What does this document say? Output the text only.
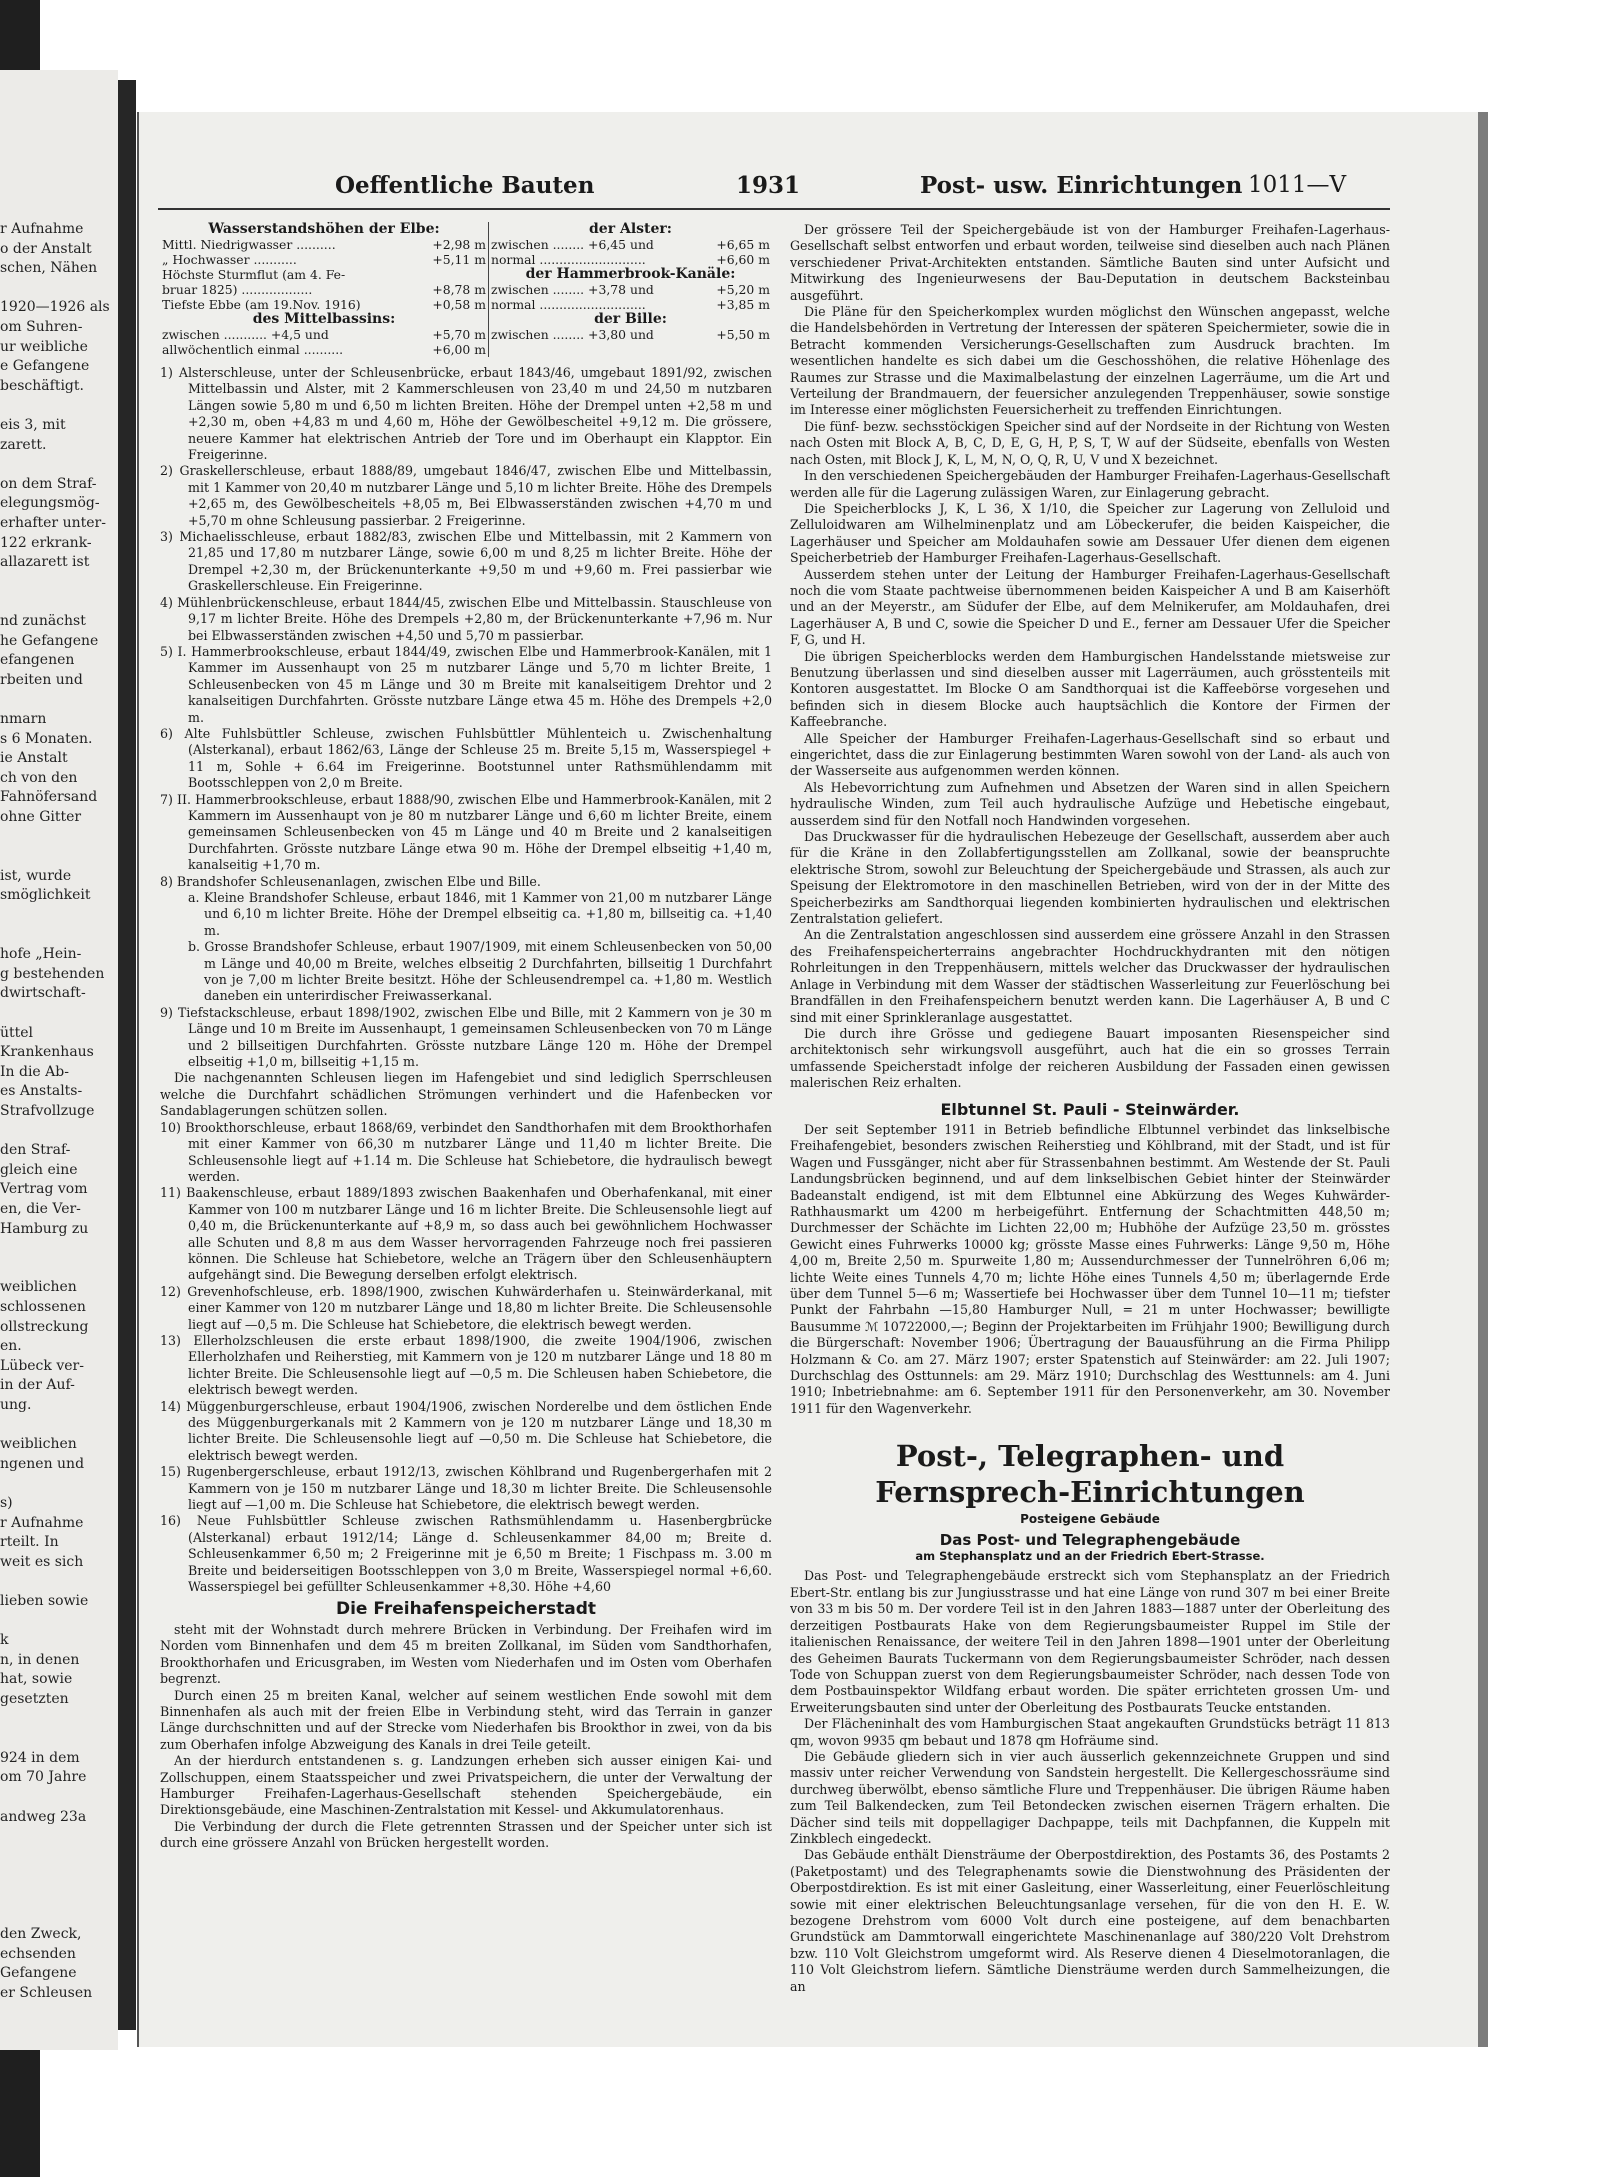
r Aufnahme
o der Anstalt
schen, Nähen
1920—1926 als
om Suhren-
ur weibliche
e Gefangene
beschäftigt.
eis 3, mit
zarett.
on dem Straf-
elegungsmög-
erhafter unter-
122 erkrank-
allazarett ist
nd zunächst
he Gefangene
efangenen
rbeiten und
nmarn
s 6 Monaten.
ie Anstalt
ch von den
Fahnöfersand
ohne Gitter
ist, wurde
smöglichkeit
hofe „Hein-
g bestehenden
dwirtschaft-
üttel
Krankenhaus
In die Ab-
es Anstalts-
Strafvollzuge
den Straf-
gleich eine
Vertrag vom
en, die Ver-
Hamburg zu
weiblichen
schlossenen
ollstreckung
en.
Lübeck ver-
in der Auf-
ung.
weiblichen
ngenen und
s)
r Aufnahme
rteilt. In
weit es sich
lieben sowie
k
n, in denen
hat, sowie
gesetzten
924 in dem
om 70 Jahre
andweg 23a
den Zweck,
echsenden
Gefangene
er Schleusen
Oeffentliche Bauten	1931	Post- usw. Einrichtungen 1011—V
Wasserstandshöhen der Elbe:		der Alster:	
Mittl. Niedrigwasser ..........	+2,98 m	zwischen ........ +6,45 und	+6,65 m
„ Hochwasser ...........	+5,11 m	normal ...........................	+6,60 m
Höchste Sturmflut (am 4. Fe-		der Hammerbrook-Kanäle:	
bruar 1825) ..................	+8,78 m	zwischen ........ +3,78 und	+5,20 m
Tiefste Ebbe (am 19.Nov. 1916)	+0,58 m	normal ...........................	+3,85 m
des Mittelbassins:		der Bille:	
zwischen ........... +4,5 und	+5,70 m	zwischen ........ +3,80 und	+5,50 m
allwöchentlich einmal ..........	+6,00 m		

1) Alsterschleuse, unter der Schleusenbrücke, erbaut 1843/46, umgebaut 1891/92, zwischen Mittelbassin und Alster, mit 2 Kammerschleusen von 23,40 m und 24,50 m nutzbaren Längen sowie 5,80 m und 6,50 m lichten Breiten. Höhe der Drempel unten +2,58 m und +2,30 m, oben +4,83 m und 4,60 m, Höhe der Gewölbescheitel +9,12 m. Die grössere, neuere Kammer hat elektrischen Antrieb der Tore und im Oberhaupt ein Klapptor. Ein Freigerinne.

2) Graskellerschleuse, erbaut 1888/89, umgebaut 1846/47, zwischen Elbe und Mittelbassin, mit 1 Kammer von 20,40 m nutzbarer Länge und 5,10 m lichter Breite. Höhe des Drempels +2,65 m, des Gewölbescheitels +8,05 m, Bei Elbwasserständen zwischen +4,70 m und +5,70 m ohne Schleusung passierbar. 2 Freigerinne.

3) Michaelisschleuse, erbaut 1882/83, zwischen Elbe und Mittelbassin, mit 2 Kammern von 21,85 und 17,80 m nutzbarer Länge, sowie 6,00 m und 8,25 m lichter Breite. Höhe der Drempel +2,30 m, der Brückenunterkante +9,50 m und +9,60 m. Frei passierbar wie Graskellerschleuse. Ein Freigerinne.

4) Mühlenbrückenschleuse, erbaut 1844/45, zwischen Elbe und Mittelbassin. Stauschleuse von 9,17 m lichter Breite. Höhe des Drempels +2,80 m, der Brückenunterkante +7,96 m. Nur bei Elbwasserständen zwischen +4,50 und 5,70 m passierbar.

5) I. Hammerbrookschleuse, erbaut 1844/49, zwischen Elbe und Hammerbrook-Kanälen, mit 1 Kammer im Aussenhaupt von 25 m nutzbarer Länge und 5,70 m lichter Breite, 1 Schleusenbecken von 45 m Länge und 30 m Breite mit kanalseitigem Drehtor und 2 kanalseitigen Durchfahrten. Grösste nutzbare Länge etwa 45 m. Höhe des Drempels +2,0 m.

6) Alte Fuhlsbüttler Schleuse, zwischen Fuhlsbüttler Mühlenteich u. Zwischenhaltung (Alsterkanal), erbaut 1862/63, Länge der Schleuse 25 m. Breite 5,15 m, Wasserspiegel + 11 m, Sohle + 6.64 im Freigerinne. Bootstunnel unter Rathsmühlendamm mit Bootsschleppen von 2,0 m Breite.

7) II. Hammerbrookschleuse, erbaut 1888/90, zwischen Elbe und Hammerbrook-Kanälen, mit 2 Kammern im Aussenhaupt von je 80 m nutzbarer Länge und 6,60 m lichter Breite, einem gemeinsamen Schleusenbecken von 45 m Länge und 40 m Breite und 2 kanalseitigen Durchfahrten. Grösste nutzbare Länge etwa 90 m. Höhe der Drempel elbseitig +1,40 m, kanalseitig +1,70 m.

8) Brandshofer Schleusenanlagen, zwischen Elbe und Bille.

a. Kleine Brandshofer Schleuse, erbaut 1846, mit 1 Kammer von 21,00 m nutzbarer Länge und 6,10 m lichter Breite. Höhe der Drempel elbseitig ca. +1,80 m, billseitig ca. +1,40 m.

b. Grosse Brandshofer Schleuse, erbaut 1907/1909, mit einem Schleusenbecken von 50,00 m Länge und 40,00 m Breite, welches elbseitig 2 Durchfahrten, billseitig 1 Durchfahrt von je 7,00 m lichter Breite besitzt. Höhe der Schleusendrempel ca. +1,80 m. Westlich daneben ein unterirdischer Freiwasserkanal.

9) Tiefstackschleuse, erbaut 1898/1902, zwischen Elbe und Bille, mit 2 Kammern von je 30 m Länge und 10 m Breite im Aussenhaupt, 1 gemeinsamen Schleusenbecken von 70 m Länge und 2 billseitigen Durchfahrten. Grösste nutzbare Länge 120 m. Höhe der Drempel elbseitig +1,0 m, billseitig +1,15 m.

Die nachgenannten Schleusen liegen im Hafengebiet und sind lediglich Sperrschleusen welche die Durchfahrt schädlichen Strömungen verhindert und die Hafenbecken vor Sandablagerungen schützen sollen.

10) Brookthorschleuse, erbaut 1868/69, verbindet den Sandthorhafen mit dem Brookthorhafen mit einer Kammer von 66,30 m nutzbarer Länge und 11,40 m lichter Breite. Die Schleusensohle liegt auf +1.14 m. Die Schleuse hat Schiebetore, die hydraulisch bewegt werden.

11) Baakenschleuse, erbaut 1889/1893 zwischen Baakenhafen und Oberhafenkanal, mit einer Kammer von 100 m nutzbarer Länge und 16 m lichter Breite. Die Schleusensohle liegt auf 0,40 m, die Brückenunterkante auf +8,9 m, so dass auch bei gewöhnlichem Hochwasser alle Schuten und 8,8 m aus dem Wasser hervorragenden Fahrzeuge noch frei passieren können. Die Schleuse hat Schiebetore, welche an Trägern über den Schleusenhäuptern aufgehängt sind. Die Bewegung derselben erfolgt elektrisch.

12) Grevenhofschleuse, erb. 1898/1900, zwischen Kuhwärderhafen u. Steinwärderkanal, mit einer Kammer von 120 m nutzbarer Länge und 18,80 m lichter Breite. Die Schleusensohle liegt auf —0,5 m. Die Schleuse hat Schiebetore, die elektrisch bewegt werden.

13) Ellerholzschleusen die erste erbaut 1898/1900, die zweite 1904/1906, zwischen Ellerholzhafen und Reiherstieg, mit Kammern von je 120 m nutzbarer Länge und 18 80 m lichter Breite. Die Schleusensohle liegt auf —0,5 m. Die Schleusen haben Schiebetore, die elektrisch bewegt werden.

14) Müggenburgerschleuse, erbaut 1904/1906, zwischen Norderelbe und dem östlichen Ende des Müggenburgerkanals mit 2 Kammern von je 120 m nutzbarer Länge und 18,30 m lichter Breite. Die Schleusensohle liegt auf —0,50 m. Die Schleuse hat Schiebetore, die elektrisch bewegt werden.

15) Rugenbergerschleuse, erbaut 1912/13, zwischen Köhlbrand und Rugenbergerhafen mit 2 Kammern von je 150 m nutzbarer Länge und 18,30 m lichter Breite. Die Schleusensohle liegt auf —1,00 m. Die Schleuse hat Schiebetore, die elektrisch bewegt werden.

16) Neue Fuhlsbüttler Schleuse zwischen Rathsmühlendamm u. Hasenbergbrücke (Alsterkanal) erbaut 1912/14; Länge d. Schleusenkammer 84,00 m; Breite d. Schleusenkammer 6,50 m; 2 Freigerinne mit je 6,50 m Breite; 1 Fischpass m. 3.00 m Breite und beiderseitigen Bootsschleppen von 3,0 m Breite, Wasserspiegel normal +6,60. Wasserspiegel bei gefüllter Schleusenkammer +8,30. Höhe +4,60

Die Freihafenspeicherstadt

steht mit der Wohnstadt durch mehrere Brücken in Verbindung. Der Freihafen wird im Norden vom Binnenhafen und dem 45 m breiten Zollkanal, im Süden vom Sandthorhafen, Brookthorhafen und Ericusgraben, im Westen vom Niederhafen und im Osten vom Oberhafen begrenzt.

Durch einen 25 m breiten Kanal, welcher auf seinem westlichen Ende sowohl mit dem Binnenhafen als auch mit der freien Elbe in Verbindung steht, wird das Terrain in ganzer Länge durchschnitten und auf der Strecke vom Niederhafen bis Brookthor in zwei, von da bis zum Oberhafen infolge Abzweigung des Kanals in drei Teile geteilt.

An der hierdurch entstandenen s. g. Landzungen erheben sich ausser einigen Kai- und Zollschuppen, einem Staatsspeicher und zwei Privatspeichern, die unter der Verwaltung der Hamburger Freihafen-Lagerhaus-Gesellschaft stehenden Speichergebäude, ein Direktionsgebäude, eine Maschinen-Zentralstation mit Kessel- und Akkumulatorenhaus.

Die Verbindung der durch die Flete getrennten Strassen und der Speicher unter sich ist durch eine grössere Anzahl von Brücken hergestellt worden.

Der grössere Teil der Speichergebäude ist von der Hamburger Freihafen-Lagerhaus-Gesellschaft selbst entworfen und erbaut worden, teilweise sind dieselben auch nach Plänen verschiedener Privat-Architekten entstanden. Sämtliche Bauten sind unter Aufsicht und Mitwirkung des Ingenieurwesens der Bau-Deputation in deutschem Backsteinbau ausgeführt.

Die Pläne für den Speicherkomplex wurden möglichst den Wünschen angepasst, welche die Handelsbehörden in Vertretung der Interessen der späteren Speichermieter, sowie die in Betracht kommenden Versicherungs-Gesellschaften zum Ausdruck brachten. Im wesentlichen handelte es sich dabei um die Geschosshöhen, die relative Höhenlage des Raumes zur Strasse und die Maximalbelastung der einzelnen Lagerräume, um die Art und Verteilung der Brandmauern, der feuersicher anzulegenden Treppenhäuser, sowie sonstige im Interesse einer möglichsten Feuersicherheit zu treffenden Einrichtungen.

Die fünf- bezw. sechsstöckigen Speicher sind auf der Nordseite in der Richtung von Westen nach Osten mit Block A, B, C, D, E, G, H, P, S, T, W auf der Südseite, ebenfalls von Westen nach Osten, mit Block J, K, L, M, N, O, Q, R, U, V und X bezeichnet.

In den verschiedenen Speichergebäuden der Hamburger Freihafen-Lagerhaus-Gesellschaft werden alle für die Lagerung zulässigen Waren, zur Einlagerung gebracht.

Die Speicherblocks J, K, L 36, X 1/10, die Speicher zur Lagerung von Zelluloid und Zelluloidwaren am Wilhelminenplatz und am Löbeckerufer, die beiden Kaispeicher, die Lagerhäuser und Speicher am Moldauhafen sowie am Dessauer Ufer dienen dem eigenen Speicherbetrieb der Hamburger Freihafen-Lagerhaus-Gesellschaft.

Ausserdem stehen unter der Leitung der Hamburger Freihafen-Lagerhaus-Gesellschaft noch die vom Staate pachtweise übernommenen beiden Kaispeicher A und B am Kaiserhöft und an der Meyerstr., am Südufer der Elbe, auf dem Melnikerufer, am Moldauhafen, drei Lagerhäuser A, B und C, sowie die Speicher D und E., ferner am Dessauer Ufer die Speicher F, G, und H.

Die übrigen Speicherblocks werden dem Hamburgischen Handelsstande mietsweise zur Benutzung überlassen und sind dieselben ausser mit Lagerräumen, auch grösstenteils mit Kontoren ausgestattet. Im Blocke O am Sandthorquai ist die Kaffeebörse vorgesehen und befinden sich in diesem Blocke auch hauptsächlich die Kontore der Firmen der Kaffeebranche.

Alle Speicher der Hamburger Freihafen-Lagerhaus-Gesellschaft sind so erbaut und eingerichtet, dass die zur Einlagerung bestimmten Waren sowohl von der Land- als auch von der Wasserseite aus aufgenommen werden können.

Als Hebevorrichtung zum Aufnehmen und Absetzen der Waren sind in allen Speichern hydraulische Winden, zum Teil auch hydraulische Aufzüge und Hebetische eingebaut, ausserdem sind für den Notfall noch Handwinden vorgesehen.

Das Druckwasser für die hydraulischen Hebezeuge der Gesellschaft, ausserdem aber auch für die Kräne in den Zollabfertigungsstellen am Zollkanal, sowie der beanspruchte elektrische Strom, sowohl zur Beleuchtung der Speichergebäude und Strassen, als auch zur Speisung der Elektromotore in den maschinellen Betrieben, wird von der in der Mitte des Speicherbezirks am Sandthorquai liegenden kombinierten hydraulischen und elektrischen Zentralstation geliefert.

An die Zentralstation angeschlossen sind ausserdem eine grössere Anzahl in den Strassen des Freihafenspeicherterrains angebrachter Hochdruckhydranten mit den nötigen Rohrleitungen in den Treppenhäusern, mittels welcher das Druckwasser der hydraulischen Anlage in Verbindung mit dem Wasser der städtischen Wasserleitung zur Feuerlöschung bei Brandfällen in den Freihafenspeichern benutzt werden kann. Die Lagerhäuser A, B und C sind mit einer Sprinkleranlage ausgestattet.

Die durch ihre Grösse und gediegene Bauart imposanten Riesenspeicher sind architektonisch sehr wirkungsvoll ausgeführt, auch hat die ein so grosses Terrain umfassende Speicherstadt infolge der reicheren Ausbildung der Fassaden einen gewissen malerischen Reiz erhalten.

Elbtunnel St. Pauli - Steinwärder.

Der seit September 1911 in Betrieb befindliche Elbtunnel verbindet das linkselbische Freihafengebiet, besonders zwischen Reiherstieg und Köhlbrand, mit der Stadt, und ist für Wagen und Fussgänger, nicht aber für Strassenbahnen bestimmt. Am Westende der St. Pauli Landungsbrücken beginnend, und auf dem linkselbischen Gebiet hinter der Steinwärder Badeanstalt endigend, ist mit dem Elbtunnel eine Abkürzung des Weges Kuhwärder-Rathhausmarkt um 4200 m herbeigeführt. Entfernung der Schachtmitten 448,50 m; Durchmesser der Schächte im Lichten 22,00 m; Hubhöhe der Aufzüge 23,50 m. grösstes Gewicht eines Fuhrwerks 10000 kg; grösste Masse eines Fuhrwerks: Länge 9,50 m, Höhe 4,00 m, Breite 2,50 m. Spurweite 1,80 m; Aussendurchmesser der Tunnelröhren 6,06 m; lichte Weite eines Tunnels 4,70 m; lichte Höhe eines Tunnels 4,50 m; überlagernde Erde über dem Tunnel 5—6 m; Wassertiefe bei Hochwasser über dem Tunnel 10—11 m; tiefster Punkt der Fahrbahn —15,80 Hamburger Null, = 21 m unter Hochwasser; bewilligte Bausumme ℳ 10722000,—; Beginn der Projektarbeiten im Frühjahr 1900; Bewilligung durch die Bürgerschaft: November 1906; Übertragung der Bauausführung an die Firma Philipp Holzmann & Co. am 27. März 1907; erster Spatenstich auf Steinwärder: am 22. Juli 1907; Durchschlag des Osttunnels: am 29. März 1910; Durchschlag des Westtunnels: am 4. Juni 1910; Inbetriebnahme: am 6. September 1911 für den Personenverkehr, am 30. November 1911 für den Wagenverkehr.

Post-, Telegraphen- und
Fernsprech-Einrichtungen
Posteigene Gebäude
Das Post- und Telegraphengebäude
am Stephansplatz und an der Friedrich Ebert-Strasse.

Das Post- und Telegraphengebäude erstreckt sich vom Stephansplatz an der Friedrich Ebert-Str. entlang bis zur Jungiusstrasse und hat eine Länge von rund 307 m bei einer Breite von 33 m bis 50 m. Der vordere Teil ist in den Jahren 1883—1887 unter der Oberleitung des derzeitigen Postbaurats Hake von dem Regierungsbaumeister Ruppel im Stile der italienischen Renaissance, der weitere Teil in den Jahren 1898—1901 unter der Oberleitung des Geheimen Baurats Tuckermann von dem Regierungsbaumeister Schröder, nach dessen Tode von Schuppan zuerst von dem Regierungsbaumeister Schröder, nach dessen Tode von dem Postbauinspektor Wildfang erbaut worden. Die später errichteten grossen Um- und Erweiterungsbauten sind unter der Oberleitung des Postbaurats Teucke entstanden.

Der Flächeninhalt des vom Hamburgischen Staat angekauften Grundstücks beträgt 11 813 qm, wovon 9935 qm bebaut und 1878 qm Hofräume sind.

Die Gebäude gliedern sich in vier auch äusserlich gekennzeichnete Gruppen und sind massiv unter reicher Verwendung von Sandstein hergestellt. Die Kellergeschossräume sind durchweg überwölbt, ebenso sämtliche Flure und Treppenhäuser. Die übrigen Räume haben zum Teil Balkendecken, zum Teil Betondecken zwischen eisernen Trägern erhalten. Die Dächer sind teils mit doppellagiger Dachpappe, teils mit Dachpfannen, die Kuppeln mit Zinkblech eingedeckt.

Das Gebäude enthält Diensträume der Oberpostdirektion, des Postamts 36, des Postamts 2 (Paketpostamt) und des Telegraphenamts sowie die Dienstwohnung des Präsidenten der Oberpostdirektion. Es ist mit einer Gasleitung, einer Wasserleitung, einer Feuerlöschleitung sowie mit einer elektrischen Beleuchtungsanlage versehen, für die von den H. E. W. bezogene Drehstrom vom 6000 Volt durch eine posteigene, auf dem benachbarten Grundstück am Dammtorwall eingerichtete Maschinenanlage auf 380/220 Volt Drehstrom bzw. 110 Volt Gleichstrom umgeformt wird. Als Reserve dienen 4 Dieselmotoranlagen, die 110 Volt Gleichstrom liefern. Sämtliche Diensträume werden durch Sammelheizungen, die an
